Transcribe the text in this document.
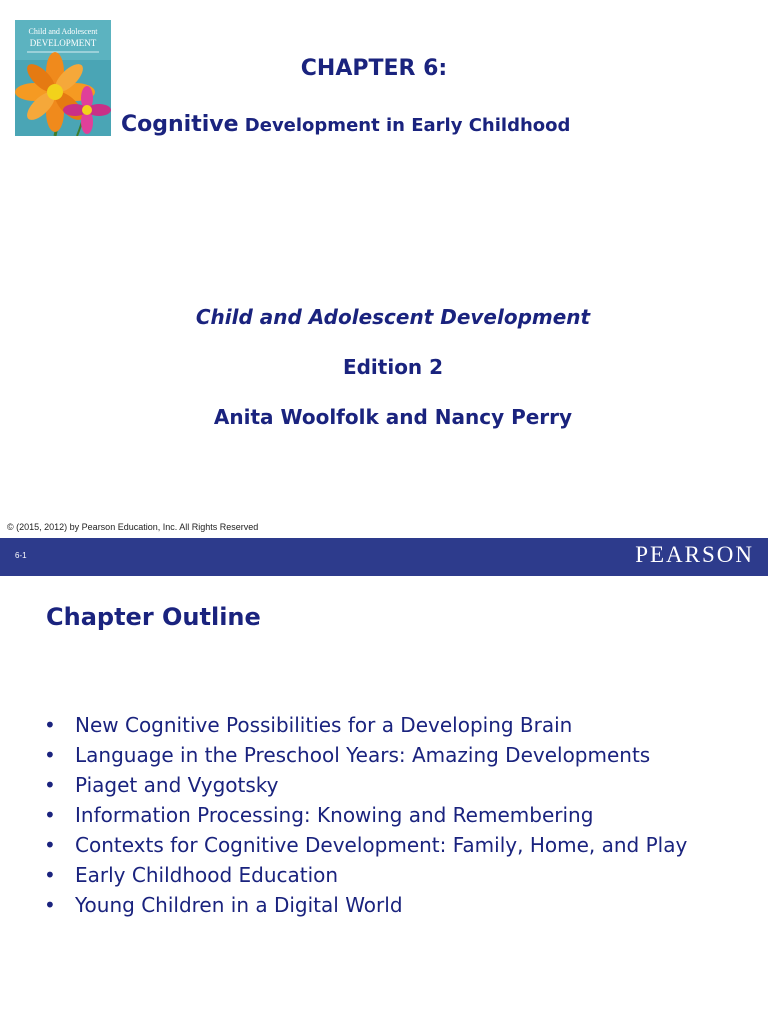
Child and Adolescent
DEVELOPMENT
CHAPTER 6:
Cognitive Development in Early Childhood
Child and Adolescent Development
Edition 2
Anita Woolfolk and Nancy Perry
© (2015, 2012) by Pearson Education, Inc. All Rights Reserved
6-1	PEARSON
Chapter Outline
• New Cognitive Possibilities for a Developing Brain
• Language in the Preschool Years: Amazing Developments
• Piaget and Vygotsky
• Information Processing: Knowing and Remembering
• Contexts for Cognitive Development: Family, Home, and Play
• Early Childhood Education
• Young Children in a Digital World
